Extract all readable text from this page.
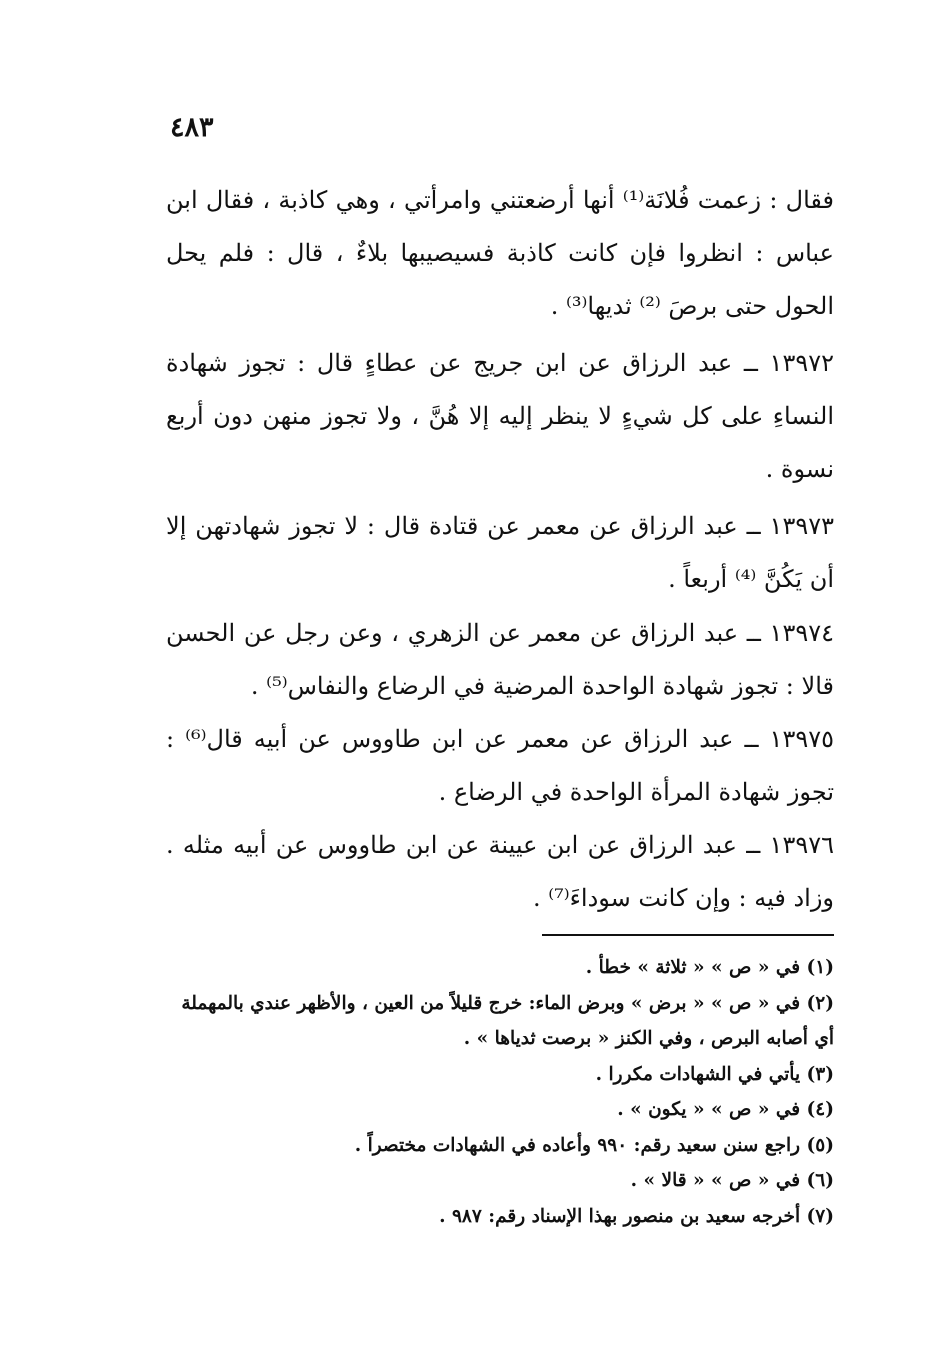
٤٨٣

فقال : زعمت فُلانَة⁽¹⁾ أنها أرضعتني وامرأتي ، وهي كاذبة ، فقال ابن عباس : انظروا فإن كانت كاذبة فسيصيبها بلاءٌ ، قال : فلم يحل الحول حتى برصَ ⁽²⁾ ثديها⁽³⁾ .

١٣٩٧٢ ــ عبد الرزاق عن ابن جريج عن عطاءٍ قال : تجوز شهادة النساءِ على كل شيءٍ لا ينظر إليه إلا هُنَّ ، ولا تجوز منهن دون أربع نسوة .

١٣٩٧٣ ــ عبد الرزاق عن معمر عن قتادة قال : لا تجوز شهادتهن إلا أن يَكُنَّ ⁽⁴⁾ أربعاً .

١٣٩٧٤ ــ عبد الرزاق عن معمر عن الزهري ، وعن رجل عن الحسن قالا : تجوز شهادة الواحدة المرضية في الرضاع والنفاس⁽⁵⁾ .

١٣٩٧٥ ــ عبد الرزاق عن معمر عن ابن طاووس عن أبيه قال⁽⁶⁾ : تجوز شهادة المرأة الواحدة في الرضاع .

١٣٩٧٦ ــ عبد الرزاق عن ابن عيينة عن ابن طاووس عن أبيه مثله . وزاد فيه : وإن كانت سوداءَ⁽⁷⁾ .

(١) في « ص » « ثلاثة » خطأ .
(٢) في « ص » « برض » وبرض الماء: خرج قليلاً من العين ، والأظهر عندي بالمهملة
أي أصابه البرص ، وفي الكنز « برصت ثدياها » .
(٣) يأتي في الشهادات مكررا .
(٤) في « ص » « يكون » .
(٥) راجع سنن سعيد رقم: ٩٩٠ وأعاده في الشهادات مختصراً .
(٦) في « ص » « قالا » .
(٧) أخرجه سعيد بن منصور بهذا الإسناد رقم: ٩٨٧ .
